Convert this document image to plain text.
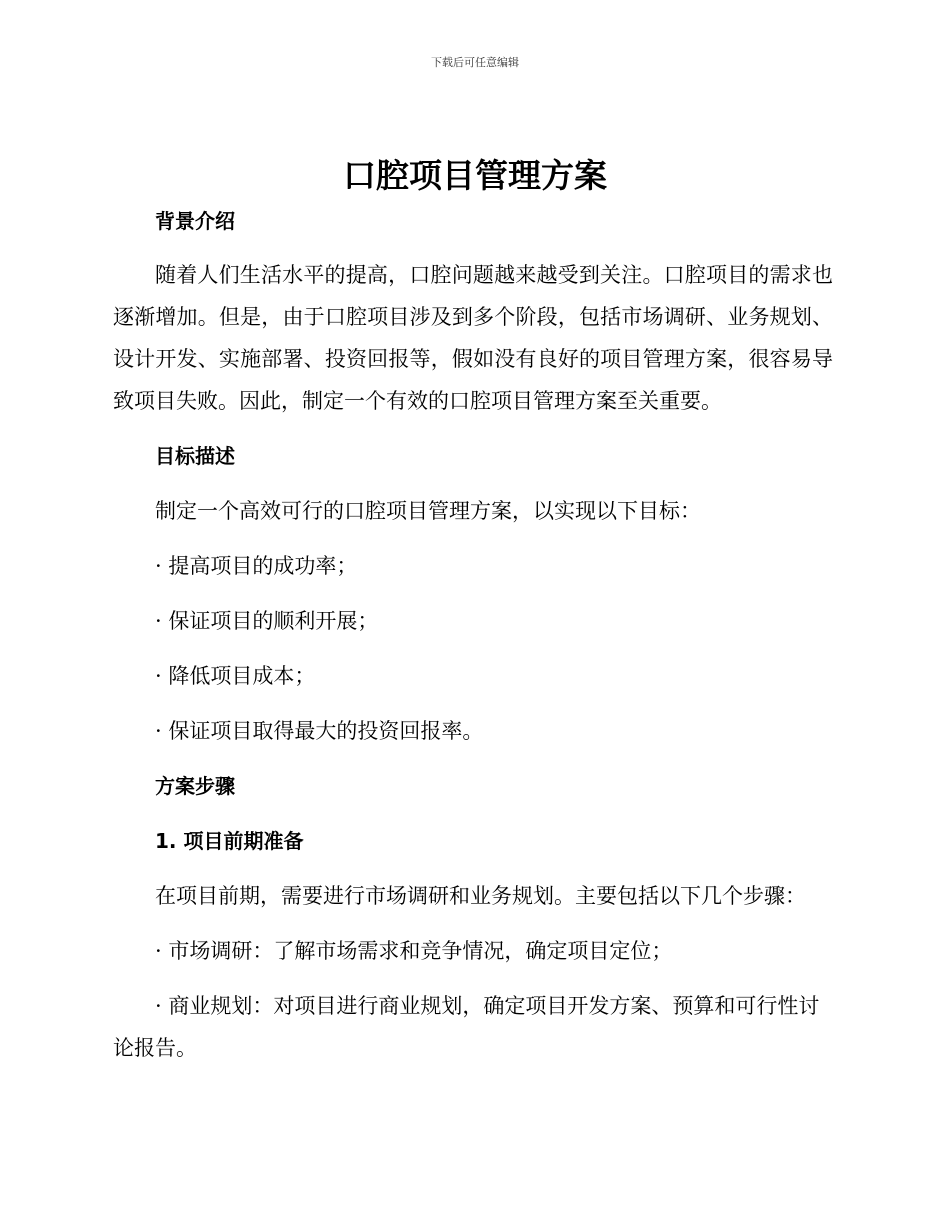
下载后可任意编辑
口腔项目管理方案
背景介绍

随着人们生活水平的提高，口腔问题越来越受到关注。口腔项目的需求也逐渐增加。但是，由于口腔项目涉及到多个阶段，包括市场调研、业务规划、设计开发、实施部署、投资回报等，假如没有良好的项目管理方案，很容易导致项目失败。因此，制定一个有效的口腔项目管理方案至关重要。

目标描述

制定一个高效可行的口腔项目管理方案，以实现以下目标：

· 提高项目的成功率；

· 保证项目的顺利开展；

· 降低项目成本；

· 保证项目取得最大的投资回报率。

方案步骤
1. 项目前期准备

在项目前期，需要进行市场调研和业务规划。主要包括以下几个步骤：

· 市场调研：了解市场需求和竞争情况，确定项目定位；

· 商业规划：对项目进行商业规划，确定项目开发方案、预算和可行性讨论报告。
